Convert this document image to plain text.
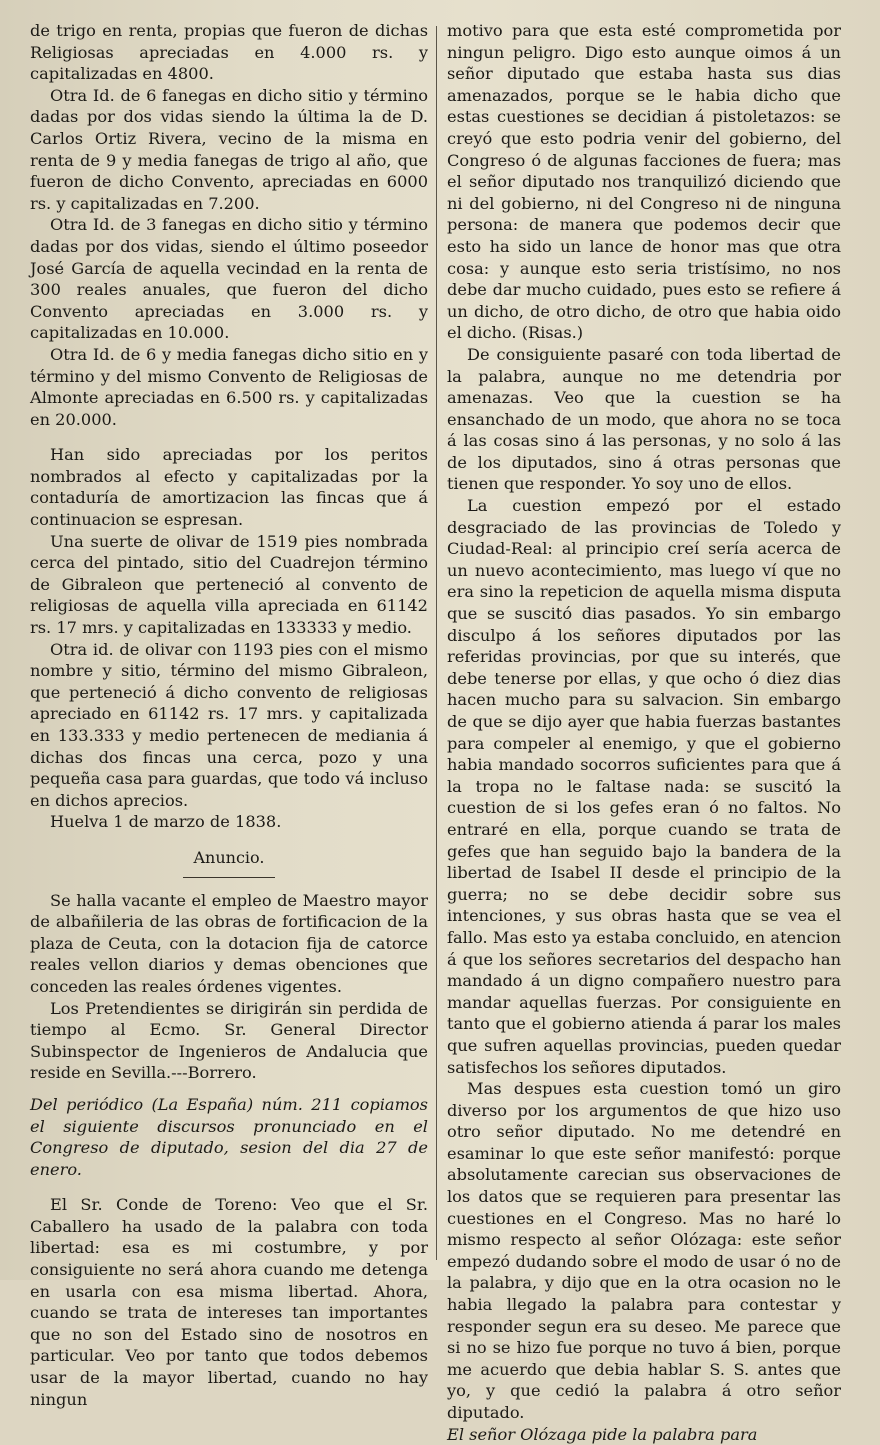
de trigo en renta, propias que fueron de dichas Religiosas apreciadas en 4.000 rs. y capitalizadas en 4800.

Otra Id. de 6 fanegas en dicho sitio y término dadas por dos vidas siendo la última la de D. Carlos Ortiz Rivera, vecino de la misma en renta de 9 y media fanegas de trigo al año, que fueron de dicho Convento, apreciadas en 6000 rs. y capitalizadas en 7.200.

Otra Id. de 3 fanegas en dicho sitio y término dadas por dos vidas, siendo el último poseedor José García de aquella vecindad en la renta de 300 reales anuales, que fueron del dicho Convento apreciadas en 3.000 rs. y capitalizadas en 10.000.

Otra Id. de 6 y media fanegas dicho sitio en y término y del mismo Convento de Religiosas de Almonte apreciadas en 6.500 rs. y capitalizadas en 20.000.

Han sido apreciadas por los peritos nombrados al efecto y capitalizadas por la contaduría de amortizacion las fincas que á continuacion se espresan.

Una suerte de olivar de 1519 pies nombrada cerca del pintado, sitio del Cuadrejon término de Gibraleon que perteneció al convento de religiosas de aquella villa apreciada en 61142 rs. 17 mrs. y capitalizadas en 133333 y medio.

Otra id. de olivar con 1193 pies con el mismo nombre y sitio, término del mismo Gibraleon, que perteneció á dicho convento de religiosas apreciado en 61142 rs. 17 mrs. y capitalizada en 133.333 y medio pertenecen de mediania á dichas dos fincas una cerca, pozo y una pequeña casa para guardas, que todo vá incluso en dichos aprecios.

Huelva 1 de marzo de 1838.

Anuncio.

Se halla vacante el empleo de Maestro mayor de albañileria de las obras de fortificacion de la plaza de Ceuta, con la dotacion fija de catorce reales vellon diarios y demas obenciones que conceden las reales órdenes vigentes.

Los Pretendientes se dirigirán sin perdida de tiempo al Ecmo. Sr. General Director Subinspector de Ingenieros de Andalucia que reside en Sevilla.---Borrero.

Del periódico (La España) núm. 211 copiamos el siguiente discursos pronunciado en el Congreso de diputado, sesion del dia 27 de enero.

El Sr. Conde de Toreno: Veo que el Sr. Caballero ha usado de la palabra con toda libertad: esa es mi costumbre, y por consiguiente no será ahora cuando me detenga en usarla con esa misma libertad. Ahora, cuando se trata de intereses tan importantes que no son del Estado sino de nosotros en particular. Veo por tanto que todos debemos usar de la mayor libertad, cuando no hay ningun

motivo para que esta esté comprometida por ningun peligro. Digo esto aunque oimos á un señor diputado que estaba hasta sus dias amenazados, porque se le habia dicho que estas cuestiones se decidian á pistoletazos: se creyó que esto podria venir del gobierno, del Congreso ó de algunas facciones de fuera; mas el señor diputado nos tranquilizó diciendo que ni del gobierno, ni del Congreso ni de ninguna persona: de manera que podemos decir que esto ha sido un lance de honor mas que otra cosa: y aunque esto seria tristísimo, no nos debe dar mucho cuidado, pues esto se refiere á un dicho, de otro dicho, de otro que habia oido el dicho. (Risas.)

De consiguiente pasaré con toda libertad de la palabra, aunque no me detendria por amenazas. Veo que la cuestion se ha ensanchado de un modo, que ahora no se toca á las cosas sino á las personas, y no solo á las de los diputados, sino á otras personas que tienen que responder. Yo soy uno de ellos.

La cuestion empezó por el estado desgraciado de las provincias de Toledo y Ciudad-Real: al principio creí sería acerca de un nuevo acontecimiento, mas luego ví que no era sino la repeticion de aquella misma disputa que se suscitó dias pasados. Yo sin embargo disculpo á los señores diputados por las referidas provincias, por que su interés, que debe tenerse por ellas, y que ocho ó diez dias hacen mucho para su salvacion. Sin embargo de que se dijo ayer que habia fuerzas bastantes para compeler al enemigo, y que el gobierno habia mandado socorros suficientes para que á la tropa no le faltase nada: se suscitó la cuestion de si los gefes eran ó no faltos. No entraré en ella, porque cuando se trata de gefes que han seguido bajo la bandera de la libertad de Isabel II desde el principio de la guerra; no se debe decidir sobre sus intenciones, y sus obras hasta que se vea el fallo. Mas esto ya estaba concluido, en atencion á que los señores secretarios del despacho han mandado á un digno compañero nuestro para mandar aquellas fuerzas. Por consiguiente en tanto que el gobierno atienda á parar los males que sufren aquellas provincias, pueden quedar satisfechos los señores diputados.

Mas despues esta cuestion tomó un giro diverso por los argumentos de que hizo uso otro señor diputado. No me detendré en esaminar lo que este señor manifestó: porque absolutamente carecian sus observaciones de los datos que se requieren para presentar las cuestiones en el Congreso. Mas no haré lo mismo respecto al señor Olózaga: este señor empezó dudando sobre el modo de usar ó no de la palabra, y dijo que en la otra ocasion no le habia llegado la palabra para contestar y responder segun era su deseo. Me parece que si no se hizo fue porque no tuvo á bien, porque me acuerdo que debia hablar S. S. antes que yo, y que cedió la palabra á otro señor diputado.

El señor Olózaga pide la palabra para
